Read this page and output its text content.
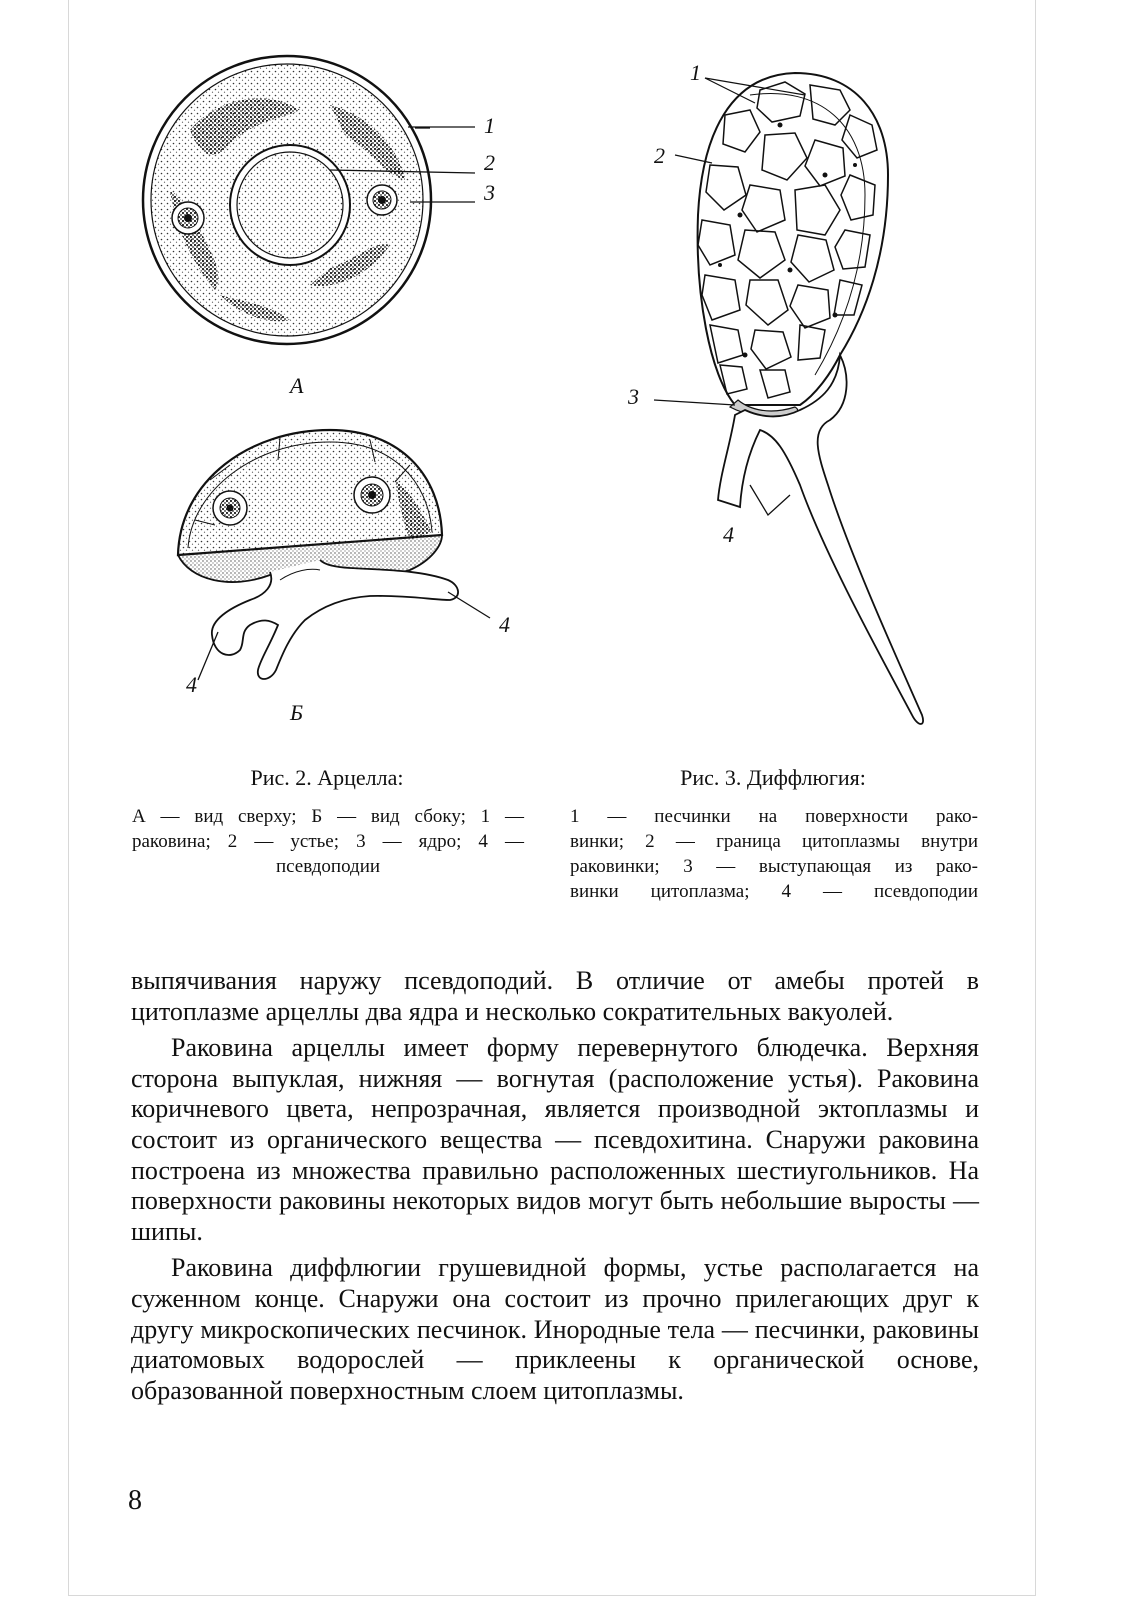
1
2
3
А
4
4
Б
1
2
3
4
Рис. 2. Арцелла:
А — вид сверху; Б — вид сбоку; 1 —
раковина; 2 — устье; 3 — ядро; 4 —
псевдоподии
Рис. 3. Диффлюгия:
1 — песчинки на поверхности рако-
винки; 2 — граница цитоплазмы внутри
раковинки; 3 — выступающая из рако-
винки цитоплазма; 4 — псевдоподии

выпячивания наружу псевдоподий. В отличие от амебы протей в цитоплазме арцеллы два ядра и несколько сократительных вакуолей.

Раковина арцеллы имеет форму перевернутого блюдечка. Верхняя сторона выпуклая, нижняя — вогнутая (расположение устья). Раковина коричневого цвета, непрозрачная, является производной эктоплазмы и состоит из органического вещества — псевдохитина. Снаружи раковина построена из множества правильно расположенных шестиугольников. На поверхности раковины некоторых видов могут быть небольшие выросты — шипы.

Раковина диффлюгии грушевидной формы, устье располагается на суженном конце. Снаружи она состоит из прочно прилегающих друг к другу микроскопических песчинок. Инородные тела — песчинки, раковины диатомовых водорослей — приклеены к органической основе, образованной поверхностным слоем цитоплазмы.

8
